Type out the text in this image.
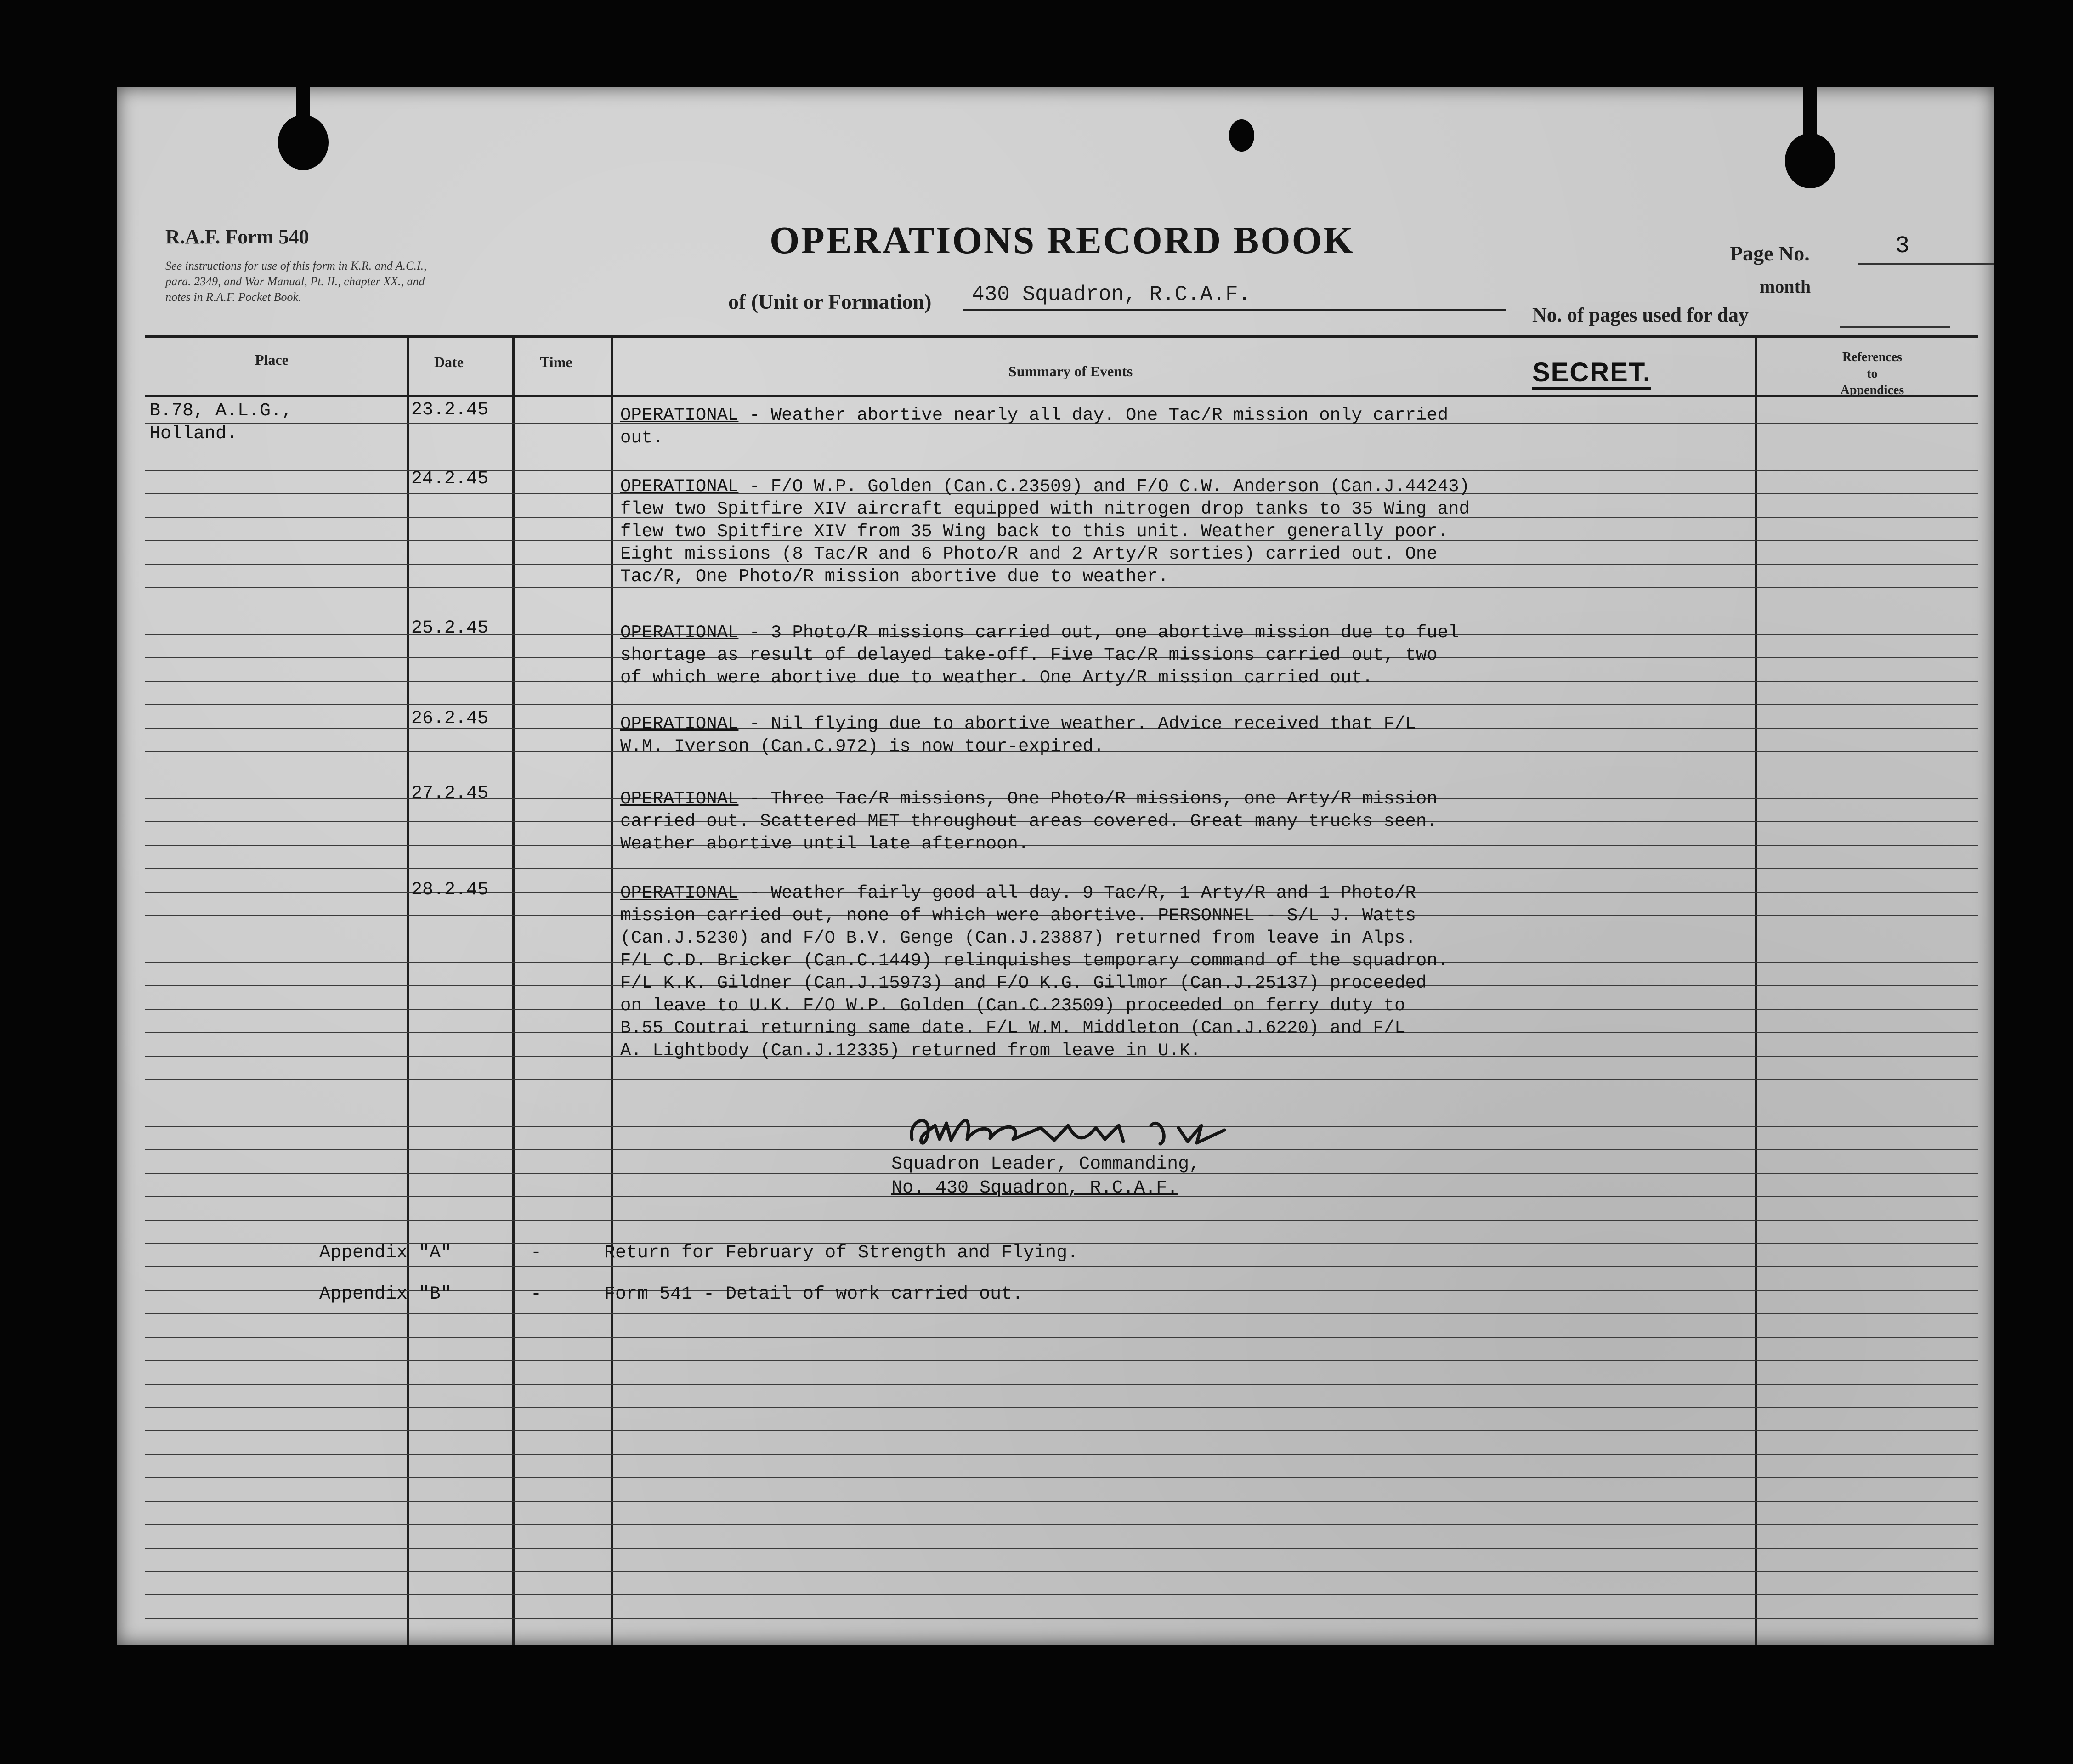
R.A.F. Form 540
See instructions for use of this form in K.R. and A.C.I.,
para. 2349, and War Manual, Pt. II., chapter XX., and
notes in R.A.F. Pocket Book.
OPERATIONS RECORD BOOK
of (Unit or Formation)	430 Squadron, R.C.A.F.
Page No.	3
month
No. of pages used for day
Place	Date	Time
Summary of Events
References
to
Appendices
SECRET.
B.78, A.L.G.,
Holland.
23.2.45	OPERATIONAL - Weather abortive nearly all day. One Tac/R mission only carried
out.
24.2.45	OPERATIONAL - F/O W.P. Golden (Can.C.23509) and F/O C.W. Anderson (Can.J.44243)
flew two Spitfire XIV aircraft equipped with nitrogen drop tanks to 35 Wing and
flew two Spitfire XIV from 35 Wing back to this unit. Weather generally poor.
Eight missions (8 Tac/R and 6 Photo/R and 2 Arty/R sorties) carried out. One
Tac/R, One Photo/R mission abortive due to weather.
25.2.45	OPERATIONAL - 3 Photo/R missions carried out, one abortive mission due to fuel
shortage as result of delayed take-off. Five Tac/R missions carried out, two
of which were abortive due to weather. One Arty/R mission carried out.
26.2.45	OPERATIONAL - Nil flying due to abortive weather. Advice received that F/L
W.M. Iverson (Can.C.972) is now tour-expired.
27.2.45	OPERATIONAL - Three Tac/R missions, One Photo/R missions, one Arty/R mission
carried out. Scattered MET throughout areas covered. Great many trucks seen.
Weather abortive until late afternoon.
28.2.45	OPERATIONAL - Weather fairly good all day. 9 Tac/R, 1 Arty/R and 1 Photo/R
mission carried out, none of which were abortive. PERSONNEL - S/L J. Watts
(Can.J.5230) and F/O B.V. Genge (Can.J.23887) returned from leave in Alps.
F/L C.D. Bricker (Can.C.1449) relinquishes temporary command of the squadron.
F/L K.K. Gildner (Can.J.15973) and F/O K.G. Gillmor (Can.J.25137) proceeded
on leave to U.K. F/O W.P. Golden (Can.C.23509) proceeded on ferry duty to
B.55 Coutrai returning same date. F/L W.M. Middleton (Can.J.6220) and F/L
A. Lightbody (Can.J.12335) returned from leave in U.K.
Squadron Leader, Commanding,
No. 430 Squadron, R.C.A.F.
Appendix "A"	-	Return for February of Strength and Flying.
Appendix "B"	-	Form 541 - Detail of work carried out.
